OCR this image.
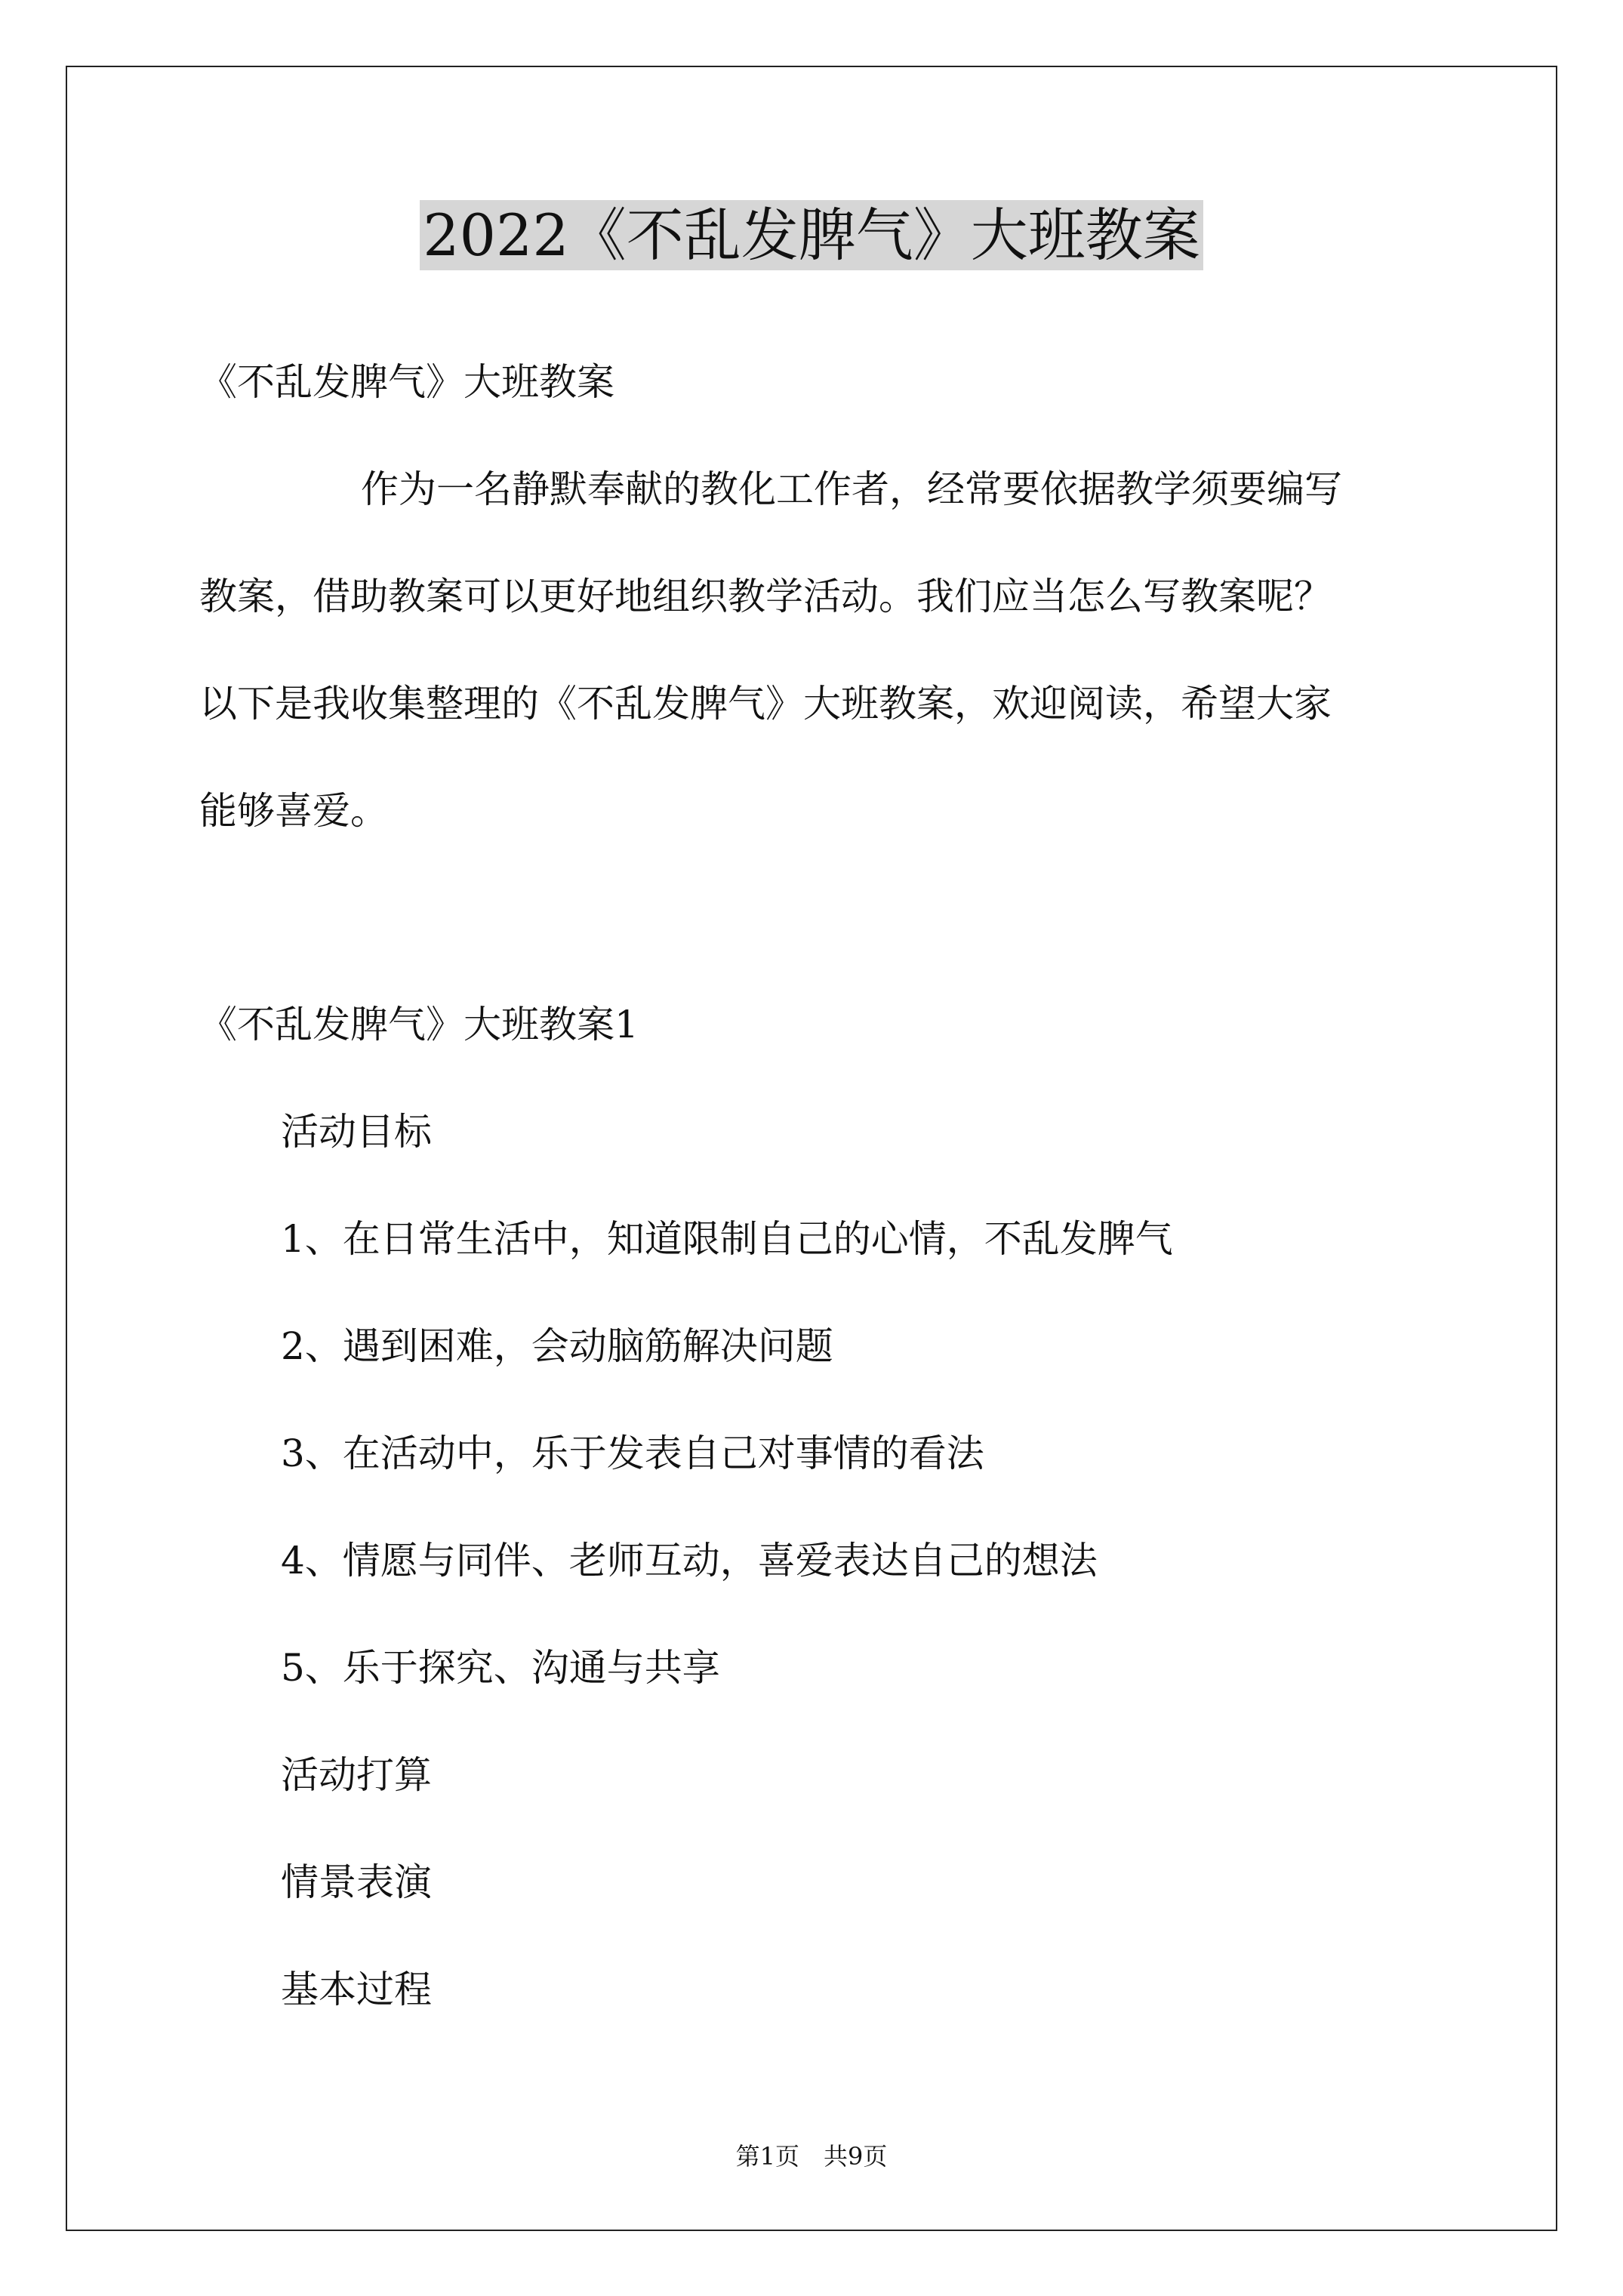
2022《不乱发脾气》大班教案
《不乱发脾气》大班教案
作为一名静默奉献的教化工作者，经常要依据教学须要编写
教案，借助教案可以更好地组织教学活动。我们应当怎么写教案呢？
以下是我收集整理的《不乱发脾气》大班教案，欢迎阅读，希望大家
能够喜爱。
《不乱发脾气》大班教案1
活动目标
1、在日常生活中，知道限制自己的心情，不乱发脾气
2、遇到困难，会动脑筋解决问题
3、在活动中，乐于发表自己对事情的看法
4、情愿与同伴、老师互动，喜爱表达自己的想法
5、乐于探究、沟通与共享
活动打算
情景表演
基本过程
第1页　共9页
